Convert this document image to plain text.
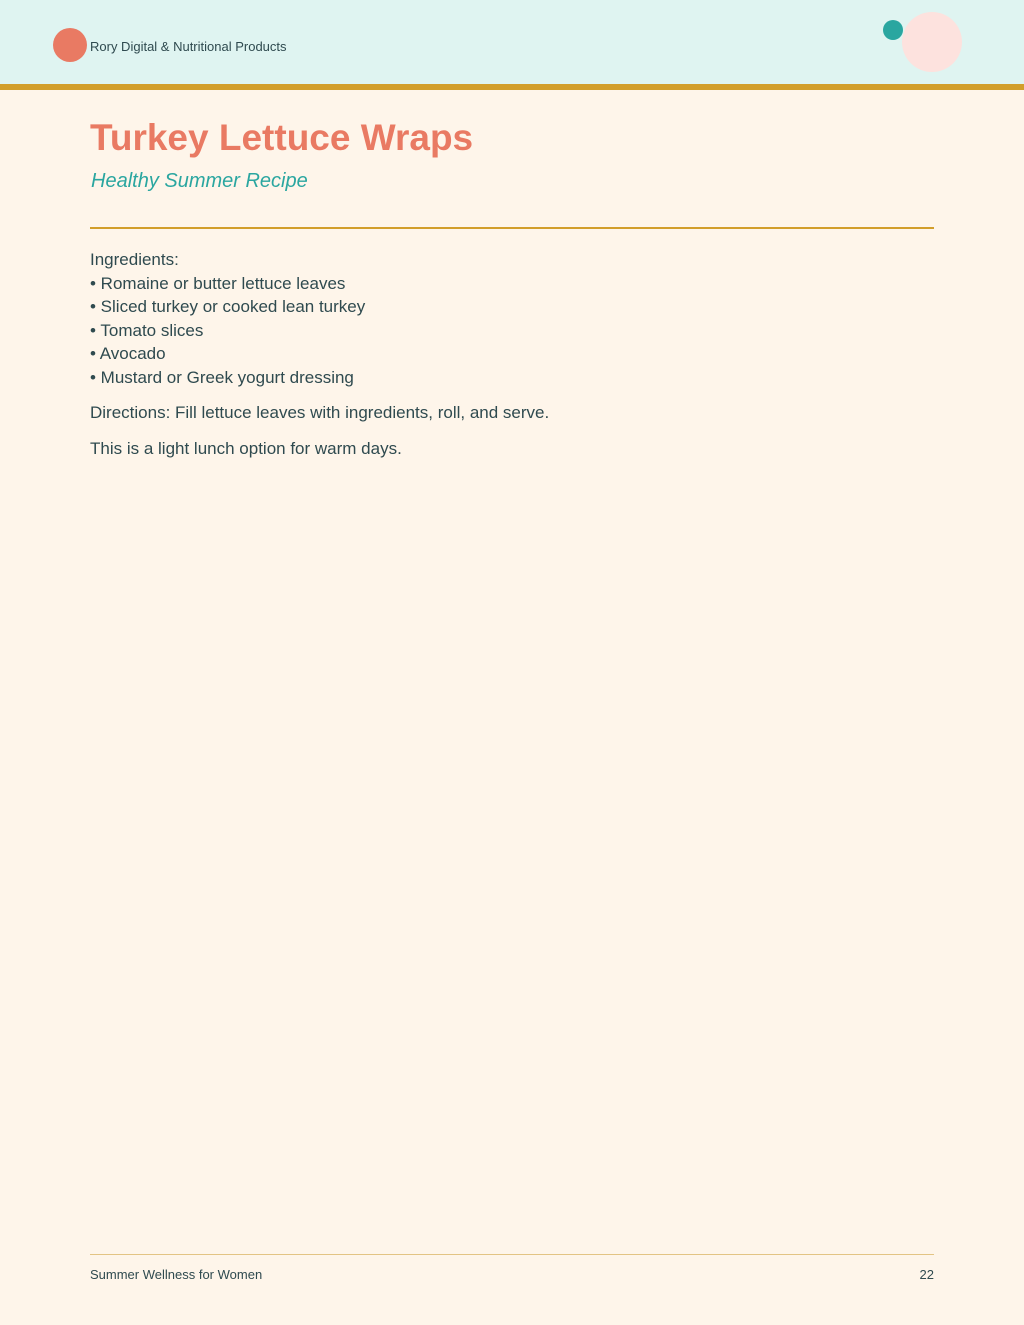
Rory Digital & Nutritional Products
Turkey Lettuce Wraps
Healthy Summer Recipe

Ingredients:

• Romaine or butter lettuce leaves
• Sliced turkey or cooked lean turkey
• Tomato slices
• Avocado
• Mustard or Greek yogurt dressing

Directions: Fill lettuce leaves with ingredients, roll, and serve.

This is a light lunch option for warm days.

Summer Wellness for Women	22
